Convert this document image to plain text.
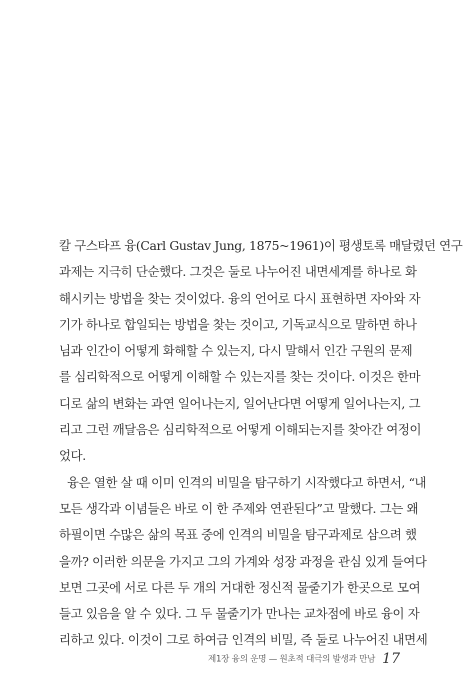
칼 구스타프 융(Carl Gustav Jung, 1875~1961)이 평생토록 매달렸던 연구
과제는 지극히 단순했다. 그것은 둘로 나누어진 내면세계를 하나로 화
해시키는 방법을 찾는 것이었다. 융의 언어로 다시 표현하면 자아와 자
기가 하나로 합일되는 방법을 찾는 것이고, 기독교식으로 말하면 하나
님과 인간이 어떻게 화해할 수 있는지, 다시 말해서 인간 구원의 문제
를 심리학적으로 어떻게 이해할 수 있는지를 찾는 것이다. 이것은 한마
디로 삶의 변화는 과연 일어나는지, 일어난다면 어떻게 일어나는지, 그
리고 그런 깨달음은 심리학적으로 어떻게 이해되는지를 찾아간 여정이
었다.
융은 열한 살 때 이미 인격의 비밀을 탐구하기 시작했다고 하면서, “내
모든 생각과 이념들은 바로 이 한 주제와 연관된다”고 말했다. 그는 왜
하필이면 수많은 삶의 목표 중에 인격의 비밀을 탐구과제로 삼으려 했
을까? 이러한 의문을 가지고 그의 가계와 성장 과정을 관심 있게 들여다
보면 그곳에 서로 다른 두 개의 거대한 정신적 물줄기가 한곳으로 모여
들고 있음을 알 수 있다. 그 두 물줄기가 만나는 교차점에 바로 융이 자
리하고 있다. 이것이 그로 하여금 인격의 비밀, 즉 둘로 나누어진 내면세
제1장 융의 운명 — 원초적 대극의 발생과 만남 17
